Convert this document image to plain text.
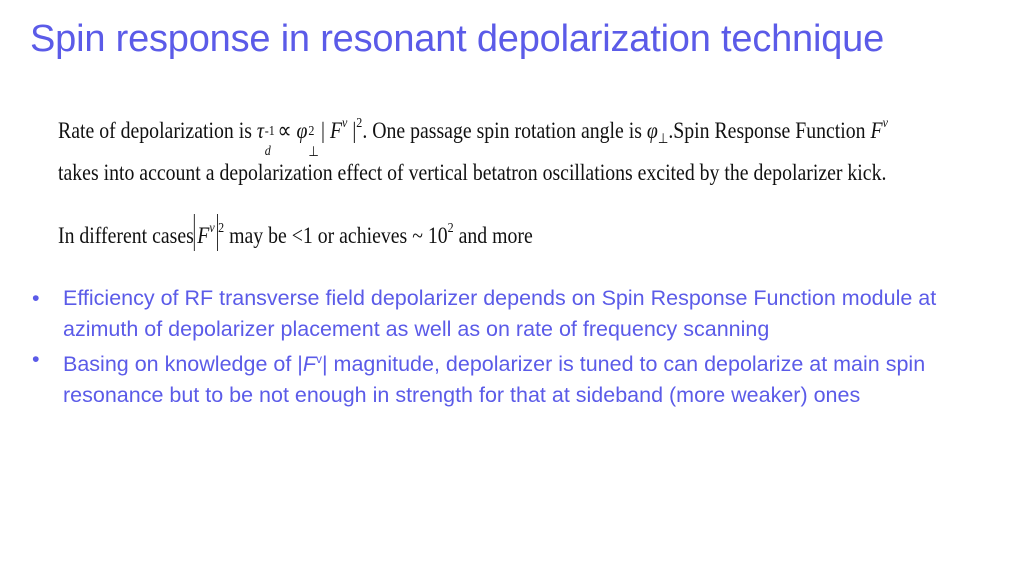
Spin response in resonant depolarization technique
Rate of depolarization is τ -1
d
∝ φ 2
⊥
| $F^\nu$ $|^2$. One passage spin rotation angle is $\varphi_\perp.Spin$ Response Function $F^\nu$
takes into account a depolarization effect of vertical betatron oscillations excited by the depolarizer kick.
In different cases $F^\nu$ $^2$ may be <1 or achieves ~ $10^2$ and more
• Efficiency of RF transverse field depolarizer depends on Spin Response Function module at azimuth of depolarizer placement as well as on rate of frequency scanning
• Basing on knowledge of $|F^v|$ magnitude, depolarizer is tuned to can depolarize at main spin resonance but to be not enough in strength for that at sideband (more weaker) ones
